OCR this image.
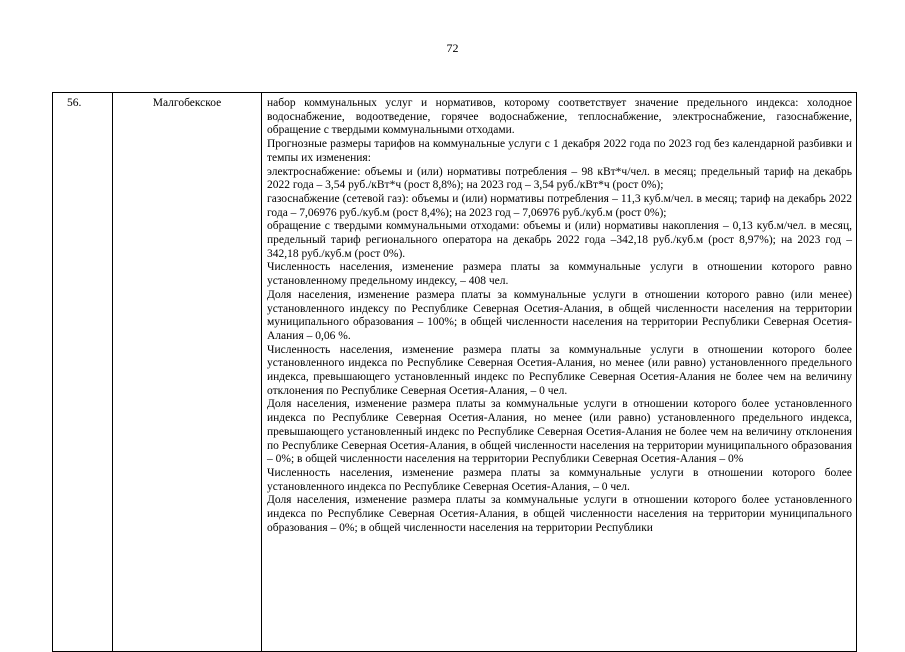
72
56.	Малгобекское	набор коммунальных услуг и нормативов, которому соответствует значение предельного индекса: холодное водоснабжение, водоотведение, горячее водоснабжение, теплоснабжение, электроснабжение, газоснабжение, обращение с твердыми коммунальными отходами.

Прогнозные размеры тарифов на коммунальные услуги с 1 декабря 2022 года по 2023 год без календарной разбивки и темпы их изменения:

электроснабжение: объемы и (или) нормативы потребления – 98 кВт*ч/чел. в месяц; предельный тариф на декабрь 2022 года – 3,54 руб./кВт*ч (рост 8,8%); на 2023 год – 3,54 руб./кВт*ч (рост 0%);

газоснабжение (сетевой газ): объемы и (или) нормативы потребления – 11,3 куб.м/чел. в месяц; тариф на декабрь 2022 года – 7,06976 руб./куб.м (рост 8,4%); на 2023 год – 7,06976 руб./куб.м (рост 0%);

обращение с твердыми коммунальными отходами: объемы и (или) нормативы накопления – 0,13 куб.м/чел. в месяц, предельный тариф регионального оператора на декабрь 2022 года –342,18 руб./куб.м (рост 8,97%); на 2023 год – 342,18 руб./куб.м (рост 0%).

Численность населения, изменение размера платы за коммунальные услуги в отношении которого равно установленному предельному индексу, – 408 чел.

Доля населения, изменение размера платы за коммунальные услуги в отношении которого равно (или менее) установленного индексу по Республике Северная Осетия-Алания, в общей численности населения на территории муниципального образования – 100%; в общей численности населения на территории Республики Северная Осетия-Алания – 0,06 %.

Численность населения, изменение размера платы за коммунальные услуги в отношении которого более установленного индекса по Республике Северная Осетия-Алания, но менее (или равно) установленного предельного индекса, превышающего установленный индекс по Республике Северная Осетия-Алания не более чем на величину отклонения по Республике Северная Осетия-Алания, – 0 чел.

Доля населения, изменение размера платы за коммунальные услуги в отношении которого более установленного индекса по Республике Северная Осетия-Алания, но менее (или равно) установленного предельного индекса, превышающего установленный индекс по Республике Северная Осетия-Алания не более чем на величину отклонения по Республике Северная Осетия-Алания, в общей численности населения на территории муниципального образования – 0%; в общей численности населения на территории Республики Северная Осетия-Алания – 0%

Численность населения, изменение размера платы за коммунальные услуги в отношении которого более установленного индекса по Республике Северная Осетия-Алания, – 0 чел.

Доля населения, изменение размера платы за коммунальные услуги в отношении которого более установленного индекса по Республике Северная Осетия-Алания, в общей численности населения на территории муниципального образования – 0%; в общей численности населения на территории Республики
